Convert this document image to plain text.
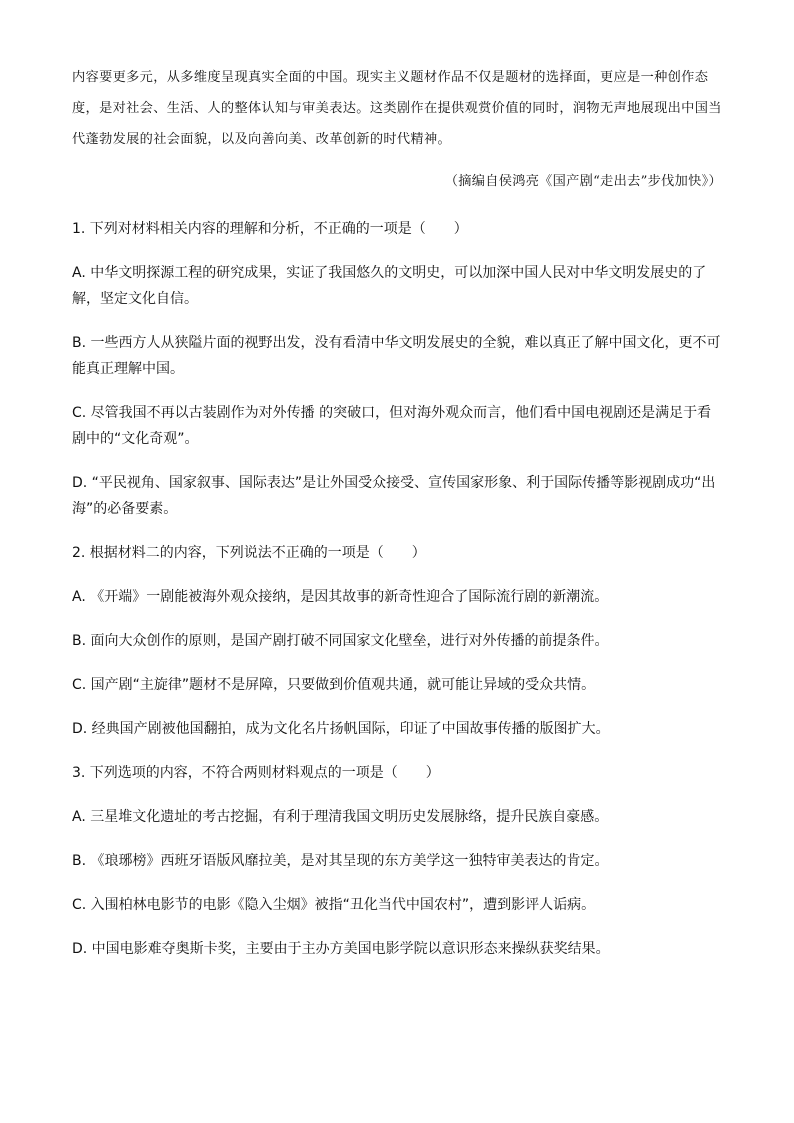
内容要更多元，从多维度呈现真实全面的中国。现实主义题材作品不仅是题材的选择面，更应是一种创作态度，是对社会、生活、人的整体认知与审美表达。这类剧作在提供观赏价值的同时，润物无声地展现出中国当代蓬勃发展的社会面貌，以及向善向美、改革创新的时代精神。

（摘编自侯鸿亮《国产剧“走出去”步伐加快》）

1. 下列对材料相关内容的理解和分析，不正确的一项是（　　）

A. 中华文明探源工程的研究成果，实证了我国悠久的文明史，可以加深中国人民对中华文明发展史的了解，坚定文化自信。

B. 一些西方人从狭隘片面的视野出发，没有看清中华文明发展史的全貌，难以真正了解中国文化，更不可能真正理解中国。

C. 尽管我国不再以古装剧作为对外传播 的突破口，但对海外观众而言，他们看中国电视剧还是满足于看剧中的“文化奇观”。

D. “平民视角、国家叙事、国际表达”是让外国受众接受、宣传国家形象、利于国际传播等影视剧成功“出海”的必备要素。

2. 根据材料二的内容，下列说法不正确的一项是（　　）

A. 《开端》一剧能被海外观众接纳，是因其故事的新奇性迎合了国际流行剧的新潮流。

B. 面向大众创作的原则，是国产剧打破不同国家文化壁垒，进行对外传播的前提条件。

C. 国产剧“主旋律”题材不是屏障，只要做到价值观共通，就可能让异域的受众共情。

D. 经典国产剧被他国翻拍，成为文化名片扬帆国际，印证了中国故事传播的版图扩大。

3. 下列选项的内容，不符合两则材料观点的一项是（　　）

A. 三星堆文化遗址的考古挖掘，有利于理清我国文明历史发展脉络，提升民族自豪感。

B. 《琅琊榜》西班牙语版风靡拉美，是对其呈现的东方美学这一独特审美表达的肯定。

C. 入围柏林电影节的电影《隐入尘烟》被指“丑化当代中国农村”，遭到影评人诟病。

D. 中国电影难夺奥斯卡奖，主要由于主办方美国电影学院以意识形态来操纵获奖结果。
